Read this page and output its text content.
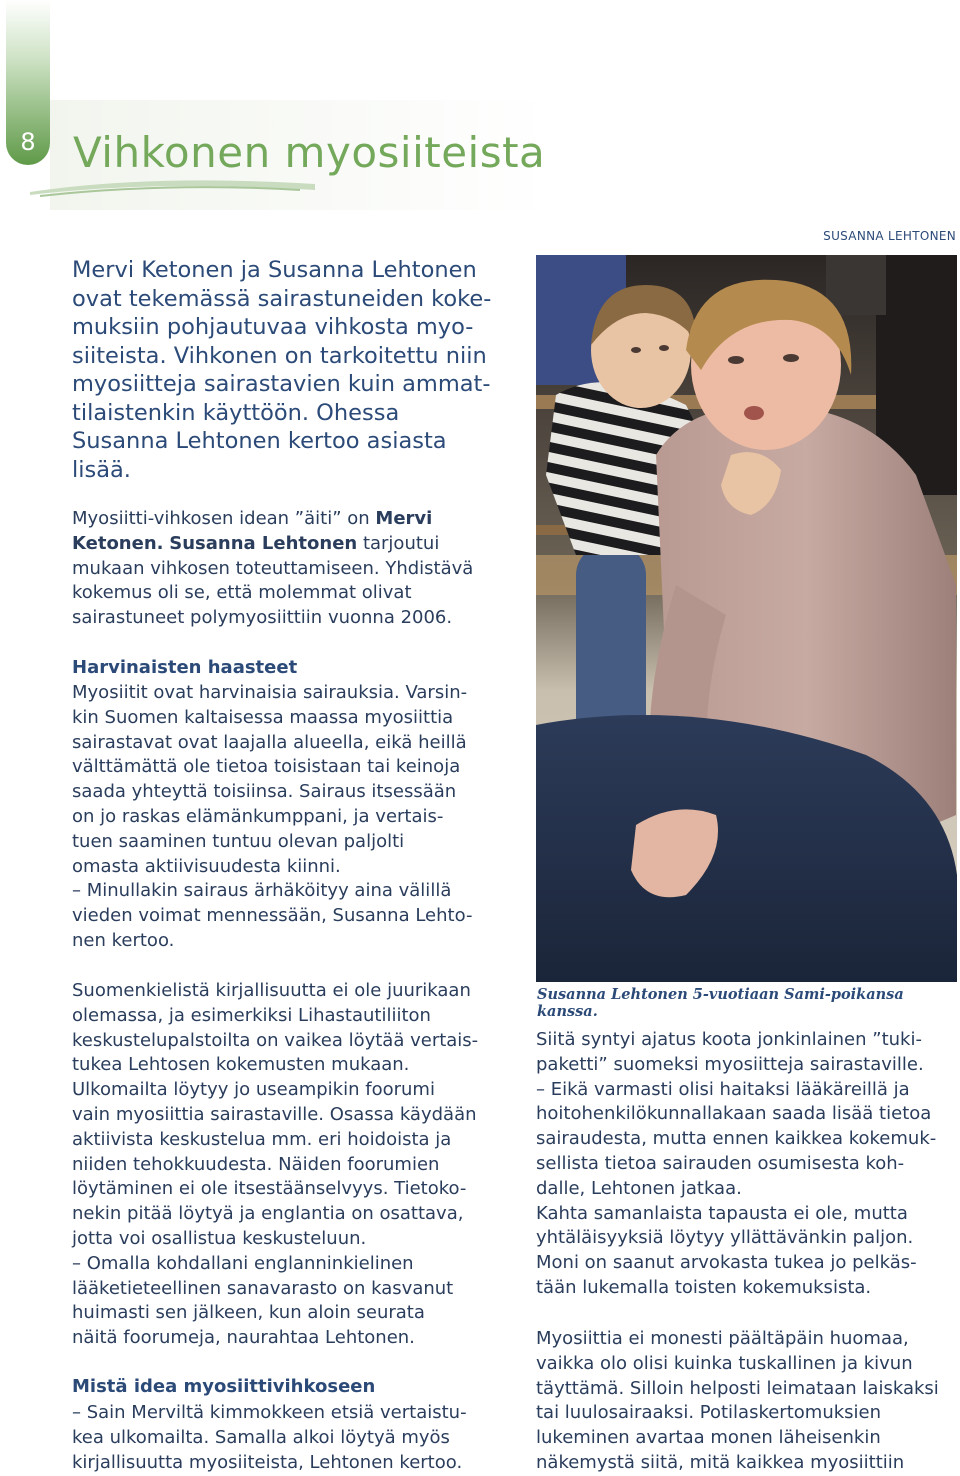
8 Vihkonen myosiiteista
Mervi Ketonen ja Susanna Lehtonen
ovat tekemässä sairastuneiden koke-
muksiin pohjautuvaa vihkosta myo-
siiteista. Vihkonen on tarkoitettu niin
myosiitteja sairastavien kuin ammat-
tilaistenkin käyttöön. Ohessa
Susanna Lehtonen kertoo asiasta
lisää.

Myosiitti-vihkosen idean ”äiti” on Mervi Ketonen. Susanna Lehtonen tarjoutui mukaan vihkosen toteuttamiseen. Yhdistävä kokemus oli se, että molemmat olivat sairastuneet polymyosiittiin vuonna 2006.

Harvinaisten haasteet
Myosiitit ovat harvinaisia sairauksia. Varsin-
kin Suomen kaltaisessa maassa myosiittia
sairastavat ovat laajalla alueella, eikä heillä
välttämättä ole tietoa toisistaan tai keinoja
saada yhteyttä toisiinsa. Sairaus itsessään
on jo raskas elämänkumppani, ja vertais-
tuen saaminen tuntuu olevan paljolti
omasta aktiivisuudesta kiinni.
– Minullakin sairaus ärhäköityy aina välillä
vieden voimat mennessään, Susanna Lehto-
nen kertoo.
Suomenkielistä kirjallisuutta ei ole juurikaan
olemassa, ja esimerkiksi Lihastautiliiton
keskustelupalstoilta on vaikea löytää vertais-
tukea Lehtosen kokemusten mukaan.
Ulkomailta löytyy jo useampikin foorumi
vain myosiittia sairastaville. Osassa käydään
aktiivista keskustelua mm. eri hoidoista ja
niiden tehokkuudesta. Näiden foorumien
löytäminen ei ole itsestäänselvyys. Tietoko-
nekin pitää löytyä ja englantia on osattava,
jotta voi osallistua keskusteluun.
– Omalla kohdallani englanninkielinen
lääketieteellinen sanavarasto on kasvanut
huimasti sen jälkeen, kun aloin seurata
näitä foorumeja, naurahtaa Lehtonen.
Mistä idea myosiittivihkoseen
– Sain Merviltä kimmokkeen etsiä vertaistu-
kea ulkomailta. Samalla alkoi löytyä myös
kirjallisuutta myosiiteista, Lehtonen kertoo.
SUSANNA LEHTONEN
Susanna Lehtonen 5-vuotiaan Sami-poikansa kanssa.
Siitä syntyi ajatus koota jonkinlainen ”tuki-
paketti” suomeksi myosiitteja sairastaville.
– Eikä varmasti olisi haitaksi lääkäreillä ja
hoitohenkilökunnallakaan saada lisää tietoa
sairaudesta, mutta ennen kaikkea kokemuk-
sellista tietoa sairauden osumisesta koh-
dalle, Lehtonen jatkaa.
Kahta samanlaista tapausta ei ole, mutta
yhtäläisyyksiä löytyy yllättävänkin paljon.
Moni on saanut arvokasta tukea jo pelkäs-
tään lukemalla toisten kokemuksista.
Myosiittia ei monesti päältäpäin huomaa,
vaikka olo olisi kuinka tuskallinen ja kivun
täyttämä. Silloin helposti leimataan laiskaksi
tai luulosairaaksi. Potilaskertomuksien
lukeminen avartaa monen läheisenkin
näkemystä siitä, mitä kaikkea myosiittiin
